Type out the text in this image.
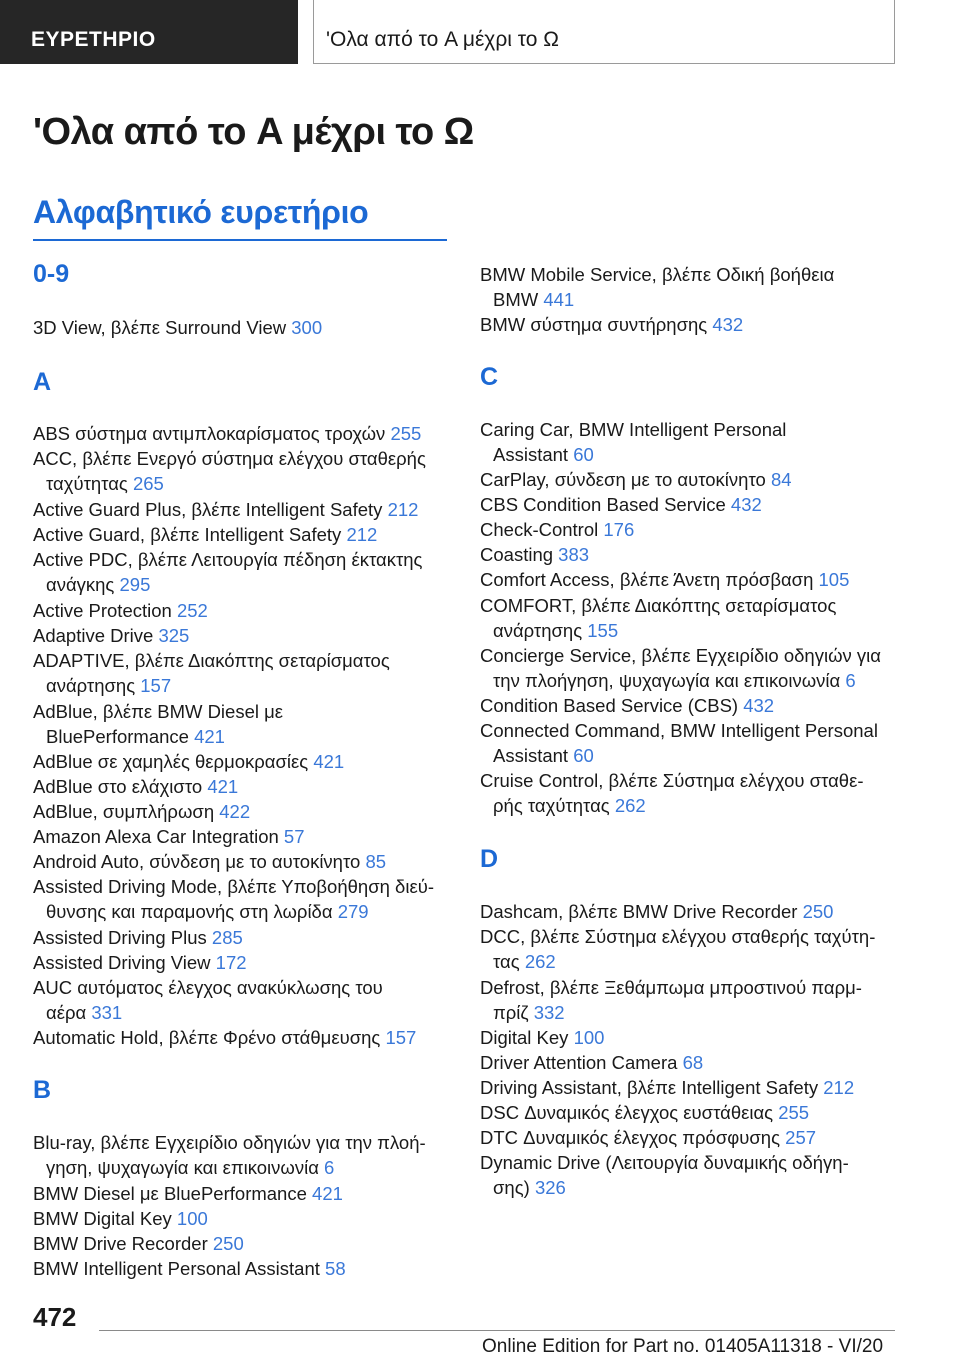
ΕΥΡΕΤΗΡΙΟ	'Ολα από το A μέχρι το Ω
'Ολα από το A μέχρι το Ω
Αλφαβητικό ευρετήριο
0-9
3D View, βλέπε Surround View 300
A
ABS σύστημα αντιμπλοκαρίσματος τροχών 255
ACC, βλέπε Ενεργό σύστημα ελέγχου σταθερής
ταχύτητας 265
Active Guard Plus, βλέπε Intelligent Safety 212
Active Guard, βλέπε Intelligent Safety 212
Active PDC, βλέπε Λειτουργία πέδηση έκτακτης
ανάγκης 295
Active Protection 252
Adaptive Drive 325
ADAPTIVE, βλέπε Διακόπτης σεταρίσματος
ανάρτησης 157
AdBlue, βλέπε BMW Diesel με
BluePerformance 421
AdBlue σε χαμηλές θερμοκρασίες 421
AdBlue στο ελάχιστο 421
AdBlue, συμπλήρωση 422
Amazon Alexa Car Integration 57
Android Auto, σύνδεση με το αυτοκίνητο 85
Assisted Driving Mode, βλέπε Υποβοήθηση διεύ-
θυνσης και παραμονής στη λωρίδα 279
Assisted Driving Plus 285
Assisted Driving View 172
AUC αυτόματος έλεγχος ανακύκλωσης του
αέρα 331
Automatic Hold, βλέπε Φρένο στάθμευσης 157
B
Blu-ray, βλέπε Εγχειρίδιο οδηγιών για την πλοή-
γηση, ψυχαγωγία και επικοινωνία 6
BMW Diesel με BluePerformance 421
BMW Digital Key 100
BMW Drive Recorder 250
BMW Intelligent Personal Assistant 58
BMW Mobile Service, βλέπε Οδική βοήθεια
BMW 441
BMW σύστημα συντήρησης 432
C
Caring Car, BMW Intelligent Personal
Assistant 60
CarPlay, σύνδεση με το αυτοκίνητο 84
CBS Condition Based Service 432
Check-Control 176
Coasting 383
Comfort Access, βλέπε Άνετη πρόσβαση 105
COMFORT, βλέπε Διακόπτης σεταρίσματος
ανάρτησης 155
Concierge Service, βλέπε Εγχειρίδιο οδηγιών για
την πλοήγηση, ψυχαγωγία και επικοινωνία 6
Condition Based Service (CBS) 432
Connected Command, BMW Intelligent Personal
Assistant 60
Cruise Control, βλέπε Σύστημα ελέγχου σταθε-
ρής ταχύτητας 262
D
Dashcam, βλέπε BMW Drive Recorder 250
DCC, βλέπε Σύστημα ελέγχου σταθερής ταχύτη-
τας 262
Defrost, βλέπε Ξεθάμπωμα μπροστινού παρμ-
πρίζ 332
Digital Key 100
Driver Attention Camera 68
Driving Assistant, βλέπε Intelligent Safety 212
DSC Δυναμικός έλεγχος ευστάθειας 255
DTC Δυναμικός έλεγχος πρόσφυσης 257
Dynamic Drive (Λειτουργία δυναμικής οδήγη-
σης) 326
472
Online Edition for Part no. 01405A11318 - VI/20
